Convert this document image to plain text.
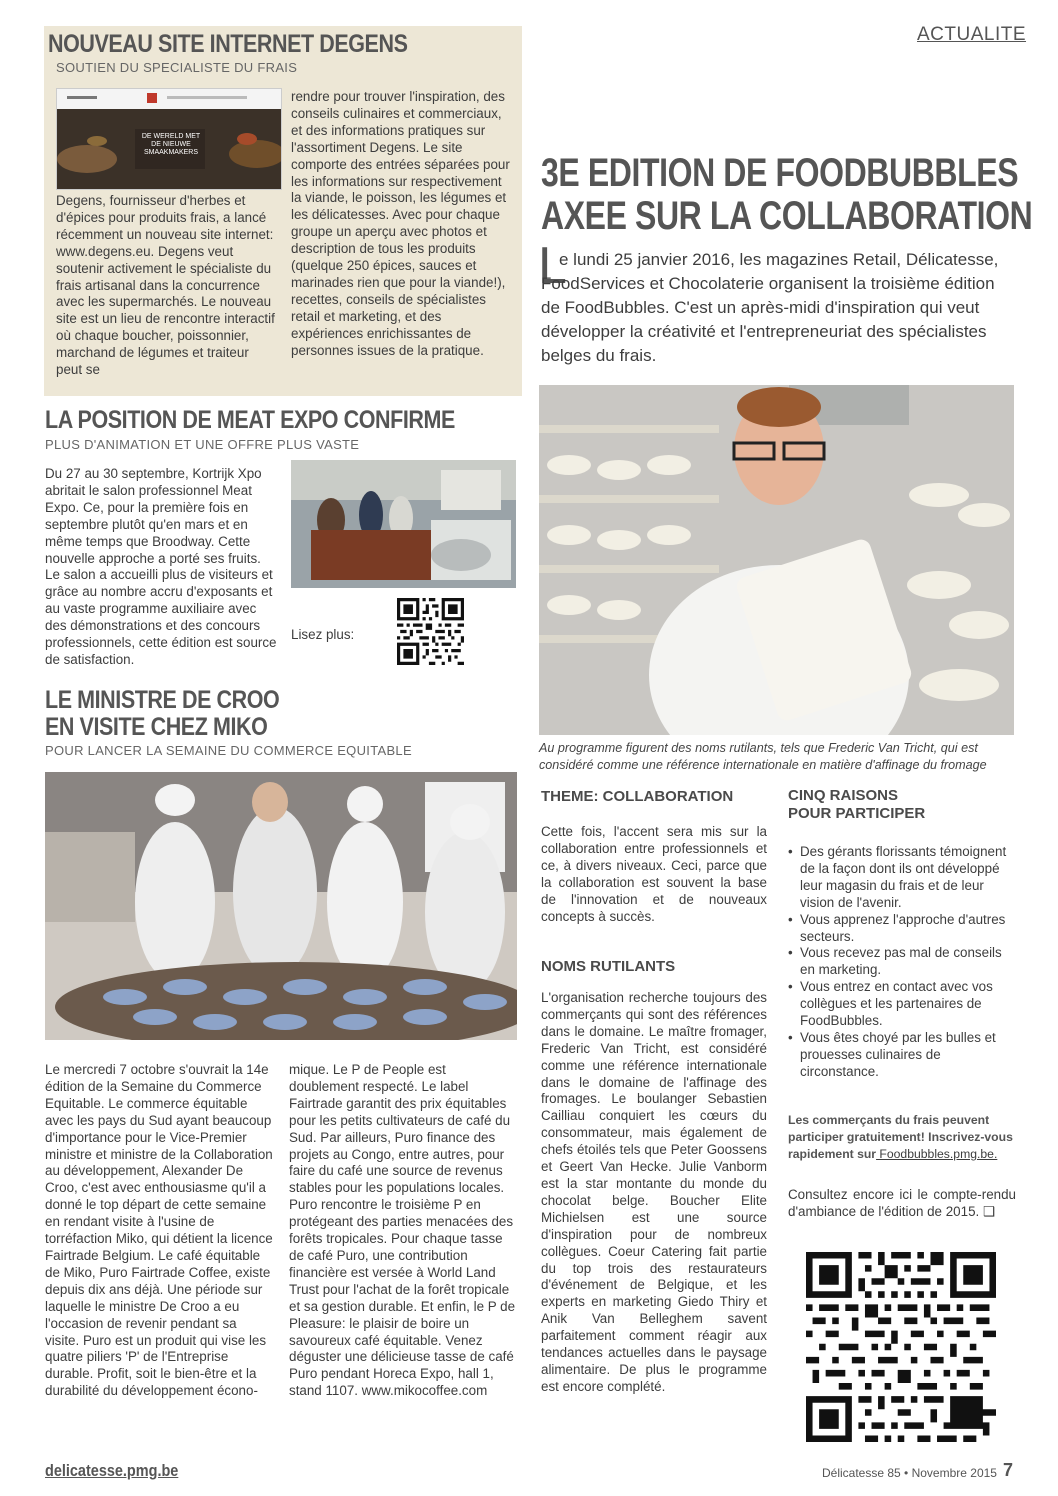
ACTUALITE
NOUVEAU SITE INTERNET DEGENS
SOUTIEN DU SPECIALISTE DU FRAIS
DE WERELD MET DE NIEUWE SMAAKMAKERS
Degens, fournisseur d'herbes et d'épices pour produits frais, a lancé récemment un nouveau site internet: www.degens.eu. Degens veut soutenir activement le spécialiste du frais artisanal dans la concurrence avec les supermarchés. Le nouveau site est un lieu de rencontre interactif où chaque boucher, poissonnier, marchand de légumes et traiteur peut se
rendre pour trouver l'inspiration, des conseils culinaires et commerciaux, et des informations pratiques sur l'assortiment Degens. Le site comporte des entrées séparées pour les informations sur respectivement la viande, le poisson, les légumes et les délicatesses. Avec pour chaque groupe un aperçu avec photos et description de tous les produits (quelque 250 épices, sauces et marinades rien que pour la viande!), recettes, conseils de spécialistes retail et marketing, et des expériences enrichissantes de personnes issues de la pratique.
LA POSITION DE MEAT EXPO CONFIRME
PLUS D'ANIMATION ET UNE OFFRE PLUS VASTE
Du 27 au 30 septembre, Kortrijk Xpo abritait le salon professionnel Meat Expo. Ce, pour la première fois en septembre plutôt qu'en mars et en même temps que Broodway. Cette nouvelle approche a porté ses fruits. Le salon a accueilli plus de visiteurs et grâce au nombre accru d'exposants et au vaste programme auxiliaire avec des démonstrations et des concours professionnels, cette édition est source de satisfaction.
Lisez plus:
LE MINISTRE DE CROO
EN VISITE CHEZ MIKO
POUR LANCER LA SEMAINE DU COMMERCE EQUITABLE
Le mercredi 7 octobre s'ouvrait la 14e édition de la Semaine du Commerce Equitable. Le commerce équitable avec les pays du Sud ayant beaucoup d'importance pour le Vice-Premier ministre et ministre de la Collaboration au développement, Alexander De Croo, c'est avec enthousiasme qu'il a donné le top départ de cette semaine en rendant visite à l'usine de torréfaction Miko, qui détient la licence Fairtrade Belgium. Le café équitable de Miko, Puro Fairtrade Coffee, existe depuis dix ans déjà. Une période sur laquelle le ministre De Croo a eu l'occasion de revenir pendant sa visite. Puro est un produit qui vise les quatre piliers 'P' de l'Entreprise durable. Profit, soit le bien-être et la durabilité du développement écono-
mique. Le P de People est doublement respecté. Le label Fairtrade garantit des prix équitables pour les petits cultivateurs de café du Sud. Par ailleurs, Puro finance des projets au Congo, entre autres, pour faire du café une source de revenus stables pour les populations locales. Puro rencontre le troisième P en protégeant des parties menacées des forêts tropicales. Pour chaque tasse de café Puro, une contribution financière est versée à World Land Trust pour l'achat de la forêt tropicale et sa gestion durable. Et enfin, le P de Pleasure: le plaisir de boire un savoureux café équitable. Venez déguster une délicieuse tasse de café Puro pendant Horeca Expo, hall 1, stand 1107. www.mikocoffee.com
3E EDITION DE FOODBUBBLES
AXEE SUR LA COLLABORATION
L
e lundi 25 janvier 2016, les magazines Retail, Délicatesse, FoodServices et Chocolaterie organisent la troisième édition de FoodBubbles. C'est un après-midi d'inspiration qui veut développer la créativité et l'entrepreneuriat des spécialistes belges du frais.
Au programme figurent des noms rutilants, tels que Frederic Van Tricht, qui est considéré comme une référence internationale en matière d'affinage du fromage
THEME: COLLABORATION
Cette fois, l'accent sera mis sur la collaboration entre professionnels et ce, à divers niveaux. Ceci, parce que la collaboration est souvent la base de l'innovation et de nouveaux concepts à succès.
NOMS RUTILANTS
L'organisation recherche toujours des commerçants qui sont des références dans le domaine. Le maître fromager, Frederic Van Tricht, est considéré comme une référence internationale dans le domaine de l'affinage des fromages. Le boulanger Sebastien Cailliau conquiert les cœurs du consommateur, mais également de chefs étoilés tels que Peter Goossens et Geert Van Hecke. Julie Vanborm est la star montante du monde du chocolat belge. Boucher Elite Michielsen est une source d'inspiration pour de nombreux collègues. Coeur Catering fait partie du top trois des restaurateurs d'événement de Belgique, et les experts en marketing Giedo Thiry et Anik Van Belleghem savent parfaitement comment réagir aux tendances actuelles dans le paysage alimentaire. De plus le programme est encore complété.
CINQ RAISONS
POUR PARTICIPER
• Des gérants florissants témoignent de la façon dont ils ont développé leur magasin du frais et de leur vision de l'avenir.
• Vous apprenez l'approche d'autres secteurs.
• Vous recevez pas mal de conseils en marketing.
• Vous entrez en contact avec vos collègues et les partenaires de FoodBubbles.
• Vous êtes choyé par les bulles et prouesses culinaires de circonstance.
Les commerçants du frais peuvent participer gratuitement! Inscrivez-vous rapidement sur Foodbubbles.pmg.be.
Consultez encore ici le compte-rendu d'ambiance de l'édition de 2015. ❑
delicatesse.pmg.be	Délicatesse 85 • Novembre 2015 7
